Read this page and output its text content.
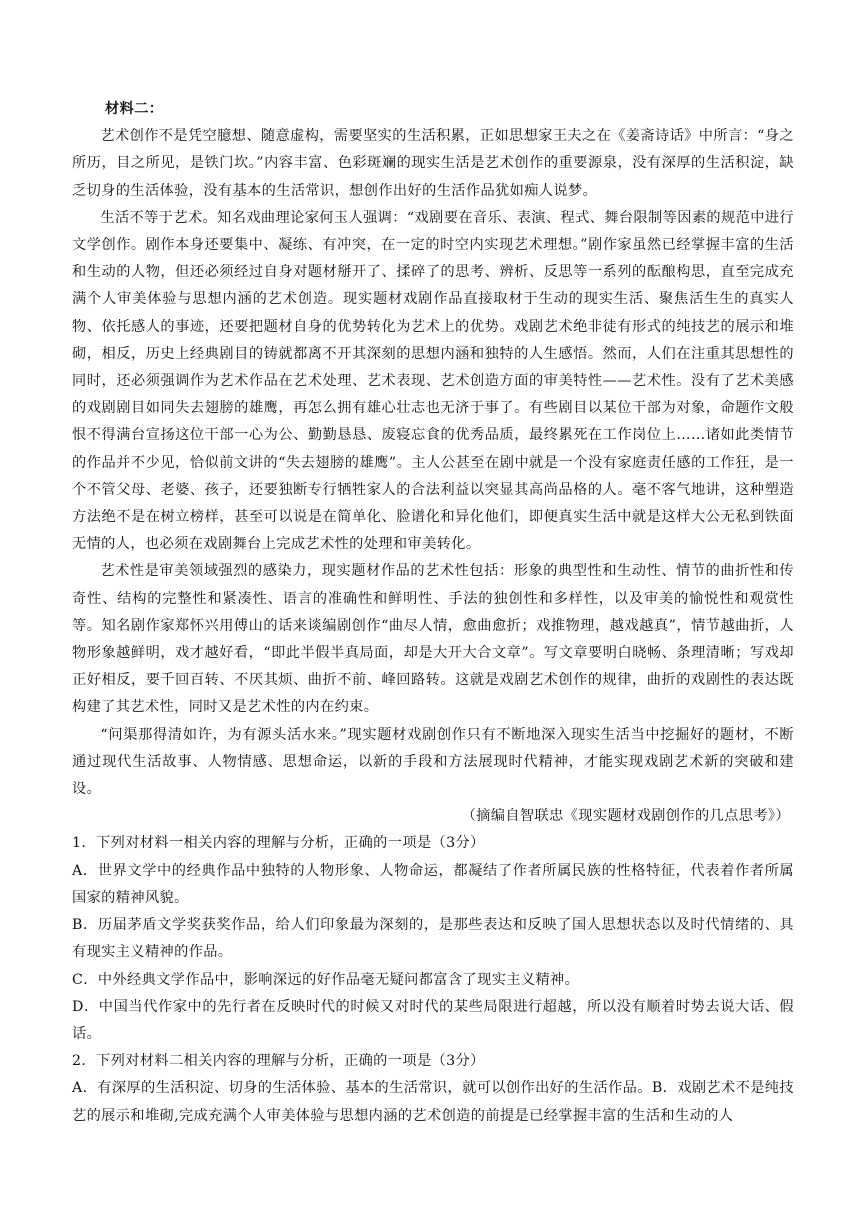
材料二：

艺术创作不是凭空臆想、随意虚构，需要坚实的生活积累，正如思想家王夫之在《姜斋诗话》中所言：“身之所历，目之所见，是铁门坎。”内容丰富、色彩斑斓的现实生活是艺术创作的重要源泉，没有深厚的生活积淀，缺乏切身的生活体验，没有基本的生活常识，想创作出好的生活作品犹如痴人说梦。

生活不等于艺术。知名戏曲理论家何玉人强调：“戏剧要在音乐、表演、程式、舞台限制等因素的规范中进行文学创作。剧作本身还要集中、凝练、有冲突，在一定的时空内实现艺术理想。”剧作家虽然已经掌握丰富的生活和生动的人物，但还必须经过自身对题材掰开了、揉碎了的思考、辨析、反思等一系列的酝酿构思，直至完成充满个人审美体验与思想内涵的艺术创造。现实题材戏剧作品直接取材于生动的现实生活、聚焦活生生的真实人物、依托感人的事迹，还要把题材自身的优势转化为艺术上的优势。戏剧艺术绝非徒有形式的纯技艺的展示和堆砌，相反，历史上经典剧目的铸就都离不开其深刻的思想内涵和独特的人生感悟。然而，人们在注重其思想性的同时，还必须强调作为艺术作品在艺术处理、艺术表现、艺术创造方面的审美特性——艺术性。没有了艺术美感的戏剧剧目如同失去翅膀的雄鹰，再怎么拥有雄心壮志也无济于事了。有些剧目以某位干部为对象，命题作文般恨不得满台宣扬这位干部一心为公、勤勤恳恳、废寝忘食的优秀品质，最终累死在工作岗位上……诸如此类情节的作品并不少见，恰似前文讲的“失去翅膀的雄鹰”。主人公甚至在剧中就是一个没有家庭责任感的工作狂，是一个不管父母、老婆、孩子，还要独断专行牺牲家人的合法利益以突显其高尚品格的人。毫不客气地讲，这种塑造方法绝不是在树立榜样，甚至可以说是在简单化、脸谱化和异化他们，即便真实生活中就是这样大公无私到铁面无情的人，也必须在戏剧舞台上完成艺术性的处理和审美转化。

艺术性是审美领域强烈的感染力，现实题材作品的艺术性包括：形象的典型性和生动性、情节的曲折性和传奇性、结构的完整性和紧凑性、语言的准确性和鲜明性、手法的独创性和多样性，以及审美的愉悦性和观赏性等。知名剧作家郑怀兴用傅山的话来谈编剧创作“曲尽人情，愈曲愈折；戏推物理，越戏越真”，情节越曲折，人物形象越鲜明，戏才越好看，“即此半假半真局面，却是大开大合文章”。写文章要明白晓畅、条理清晰；写戏却正好相反，要千回百转、不厌其烦、曲折不前、峰回路转。这就是戏剧艺术创作的规律，曲折的戏剧性的表达既构建了其艺术性，同时又是艺术性的内在约束。

“问渠那得清如许，为有源头活水来。”现实题材戏剧创作只有不断地深入现实生活当中挖掘好的题材，不断通过现代生活故事、人物情感、思想命运，以新的手段和方法展现时代精神，才能实现戏剧艺术新的突破和建设。

（摘编自智联忠《现实题材戏剧创作的几点思考》）

1．下列对材料一相关内容的理解与分析，正确的一项是（3分）

A．世界文学中的经典作品中独特的人物形象、人物命运，都凝结了作者所属民族的性格特征，代表着作者所属国家的精神风貌。

B．历届茅盾文学奖获奖作品，给人们印象最为深刻的，是那些表达和反映了国人思想状态以及时代情绪的、具有现实主义精神的作品。

C．中外经典文学作品中，影响深远的好作品毫无疑问都富含了现实主义精神。

D．中国当代作家中的先行者在反映时代的时候又对时代的某些局限进行超越，所以没有顺着时势去说大话、假话。

2．下列对材料二相关内容的理解与分析，正确的一项是（3分）

A．有深厚的生活积淀、切身的生活体验、基本的生活常识，就可以创作出好的生活作品。B．戏剧艺术不是纯技艺的展示和堆砌,完成充满个人审美体验与思想内涵的艺术创造的前提是已经掌握丰富的生活和生动的人
